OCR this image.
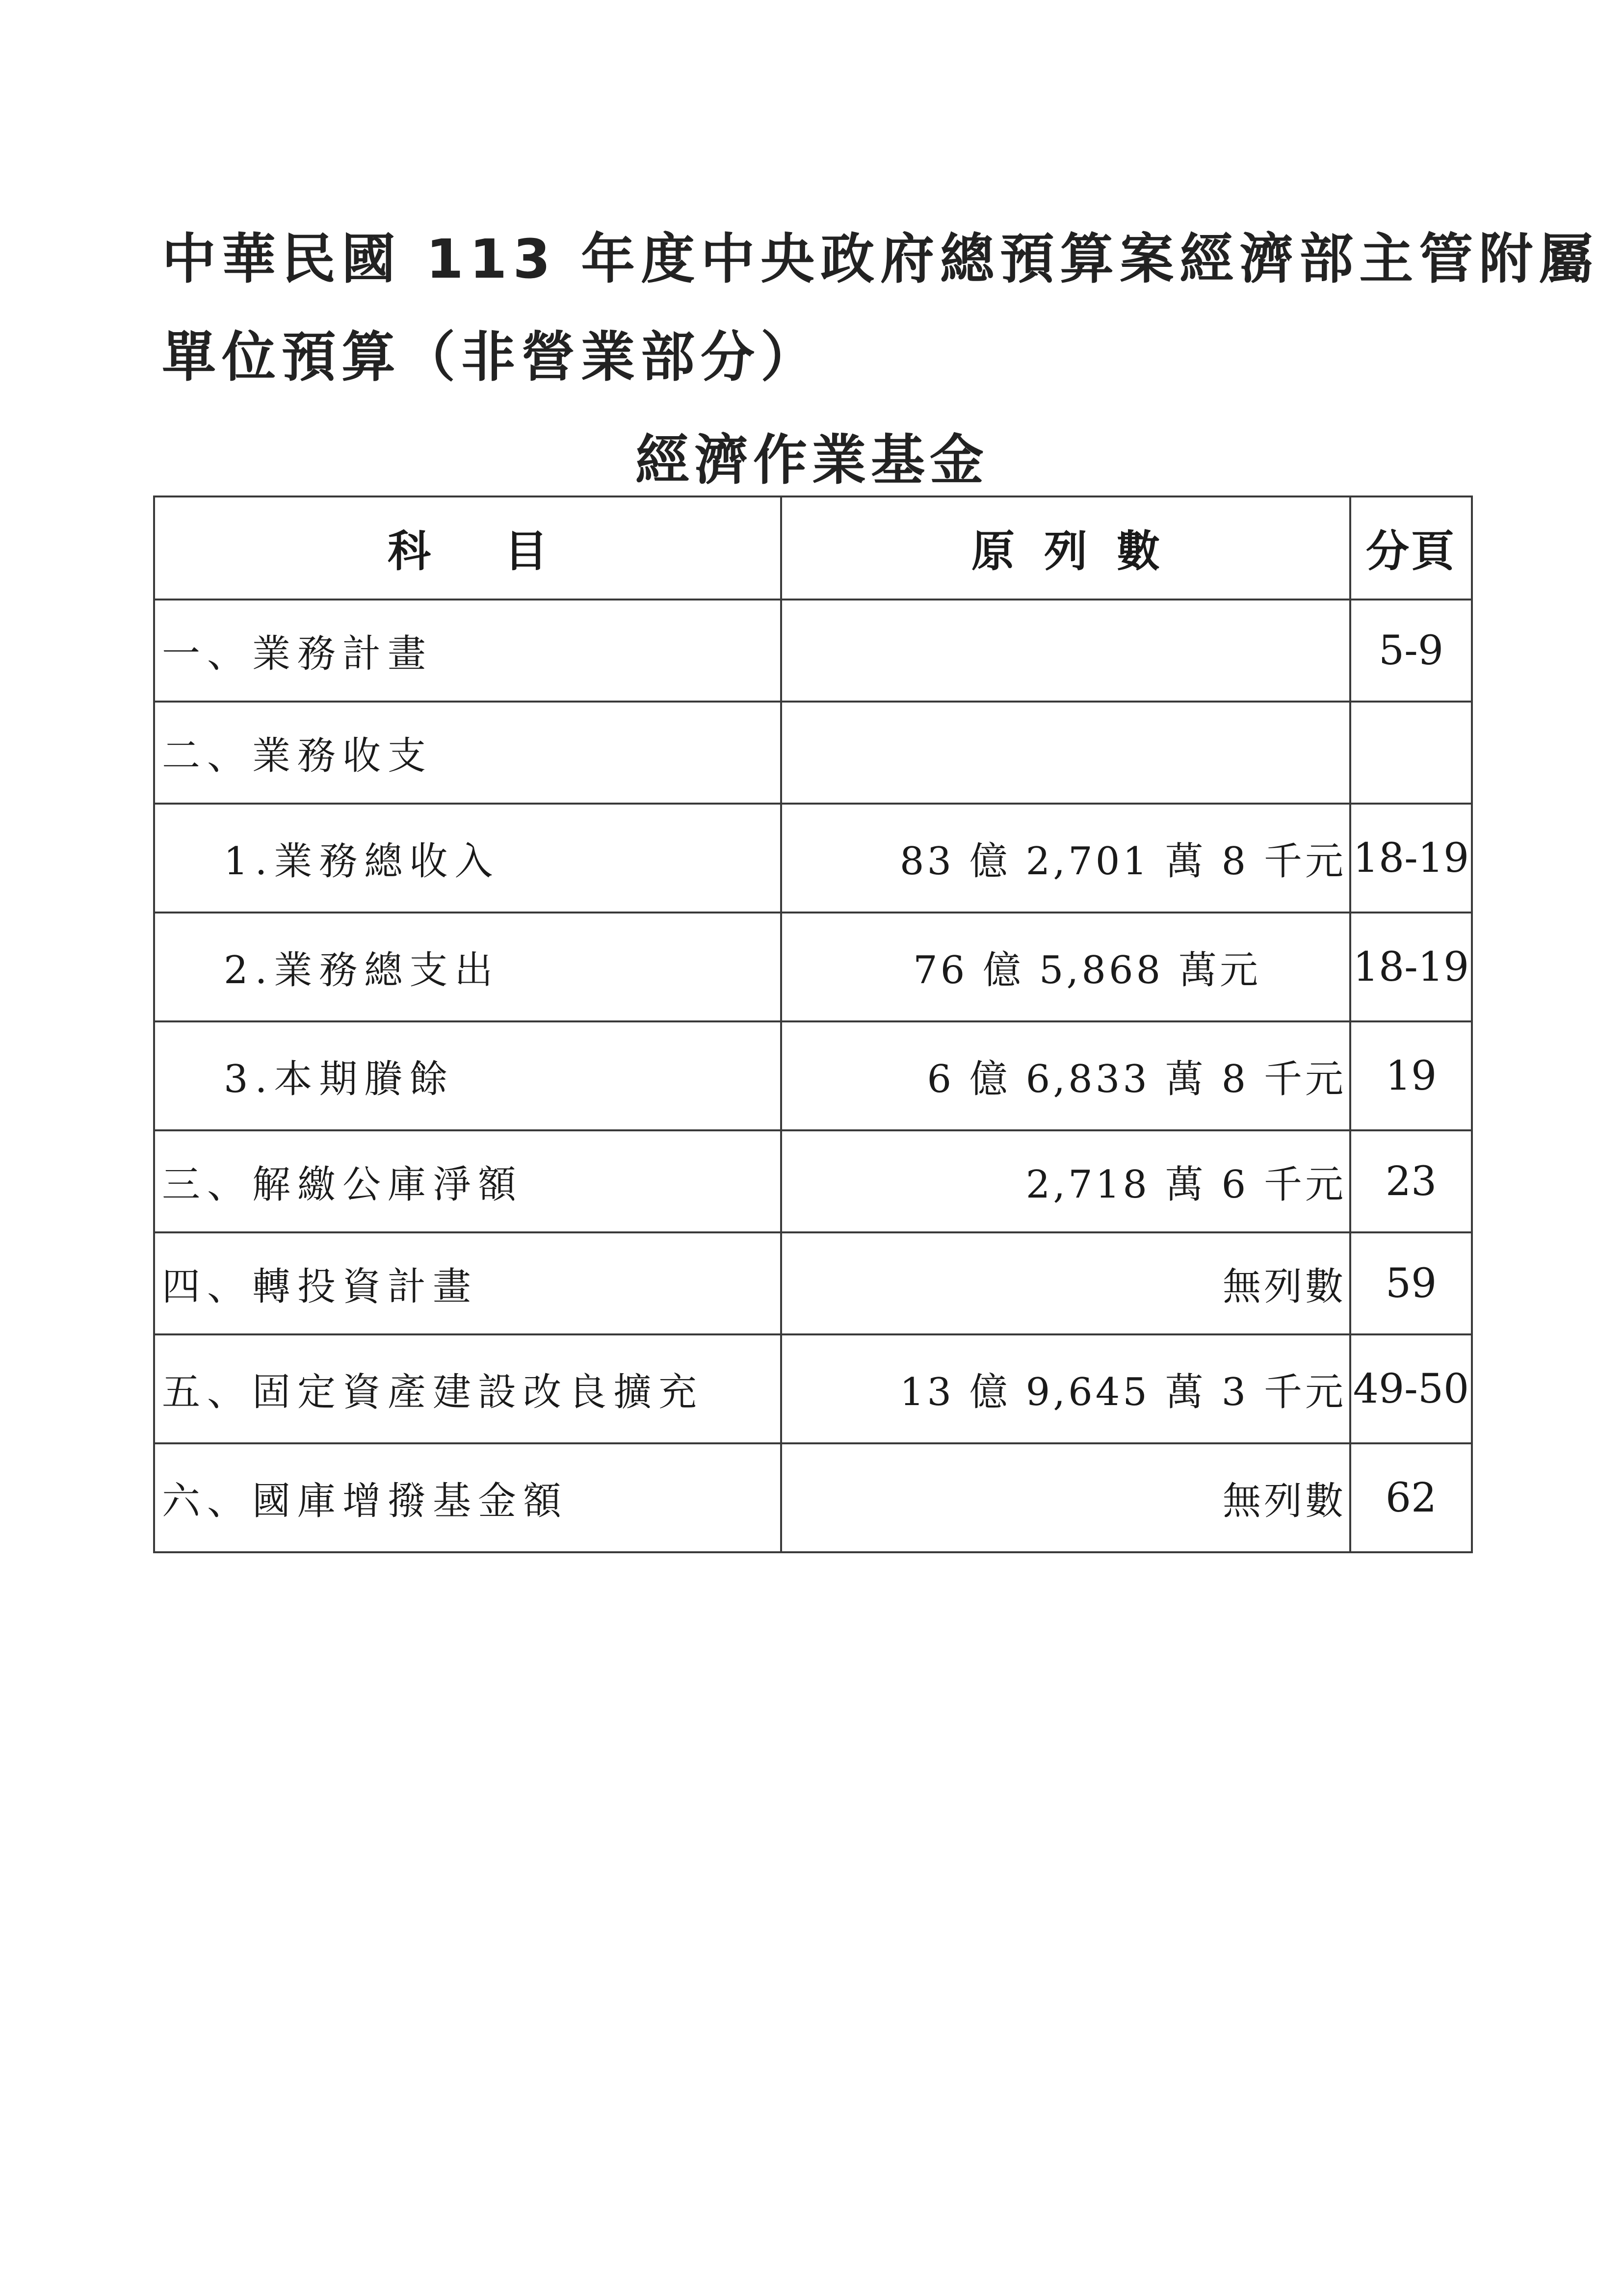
中華民國 113 年度中央政府總預算案經濟部主管附屬
單位預算（非營業部分）
經濟作業基金
科目	原列數	分頁
一、業務計畫		5-9
二、業務收支		
1.業務總收入	83 億 2,701 萬 8 千元	18-19
2.業務總支出	76 億 5,868 萬元	18-19
3.本期賸餘	6 億 6,833 萬 8 千元	19
三、解繳公庫淨額	2,718 萬 6 千元	23
四、轉投資計畫	無列數	59
五、固定資產建設改良擴充	13 億 9,645 萬 3 千元	49-50
六、國庫增撥基金額	無列數	62
